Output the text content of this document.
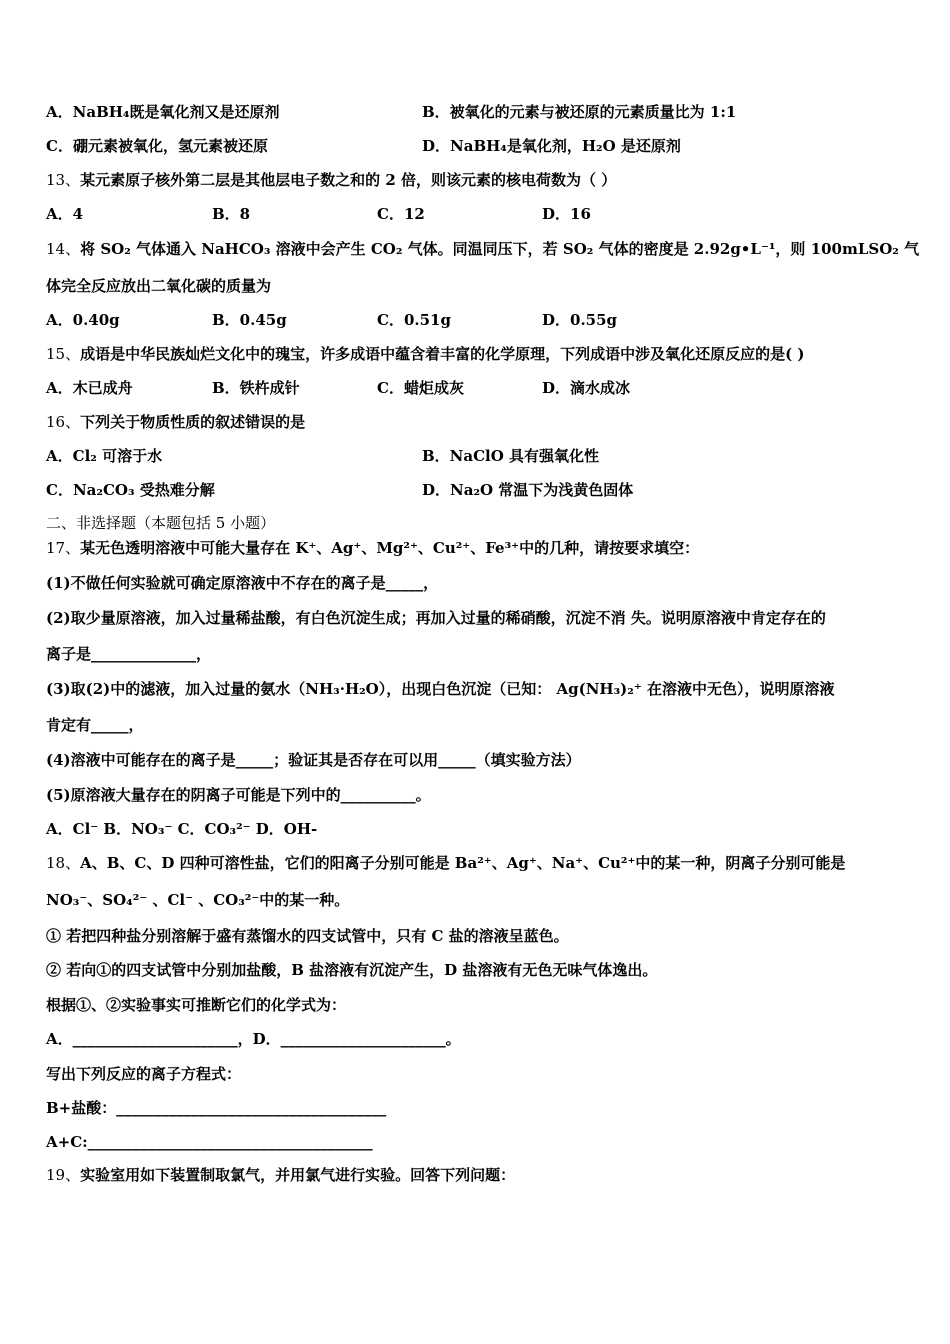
A．NaBH₄既是氧化剂又是还原剂	B．被氧化的元素与被还原的元素质量比为 1:1
C．硼元素被氧化，氢元素被还原	D．NaBH₄是氧化剂，H₂O 是还原剂
13、某元素原子核外第二层是其他层电子数之和的 2 倍，则该元素的核电荷数为（ ）
A．4	B．8	C．12	D．16
14、将 SO₂ 气体通入 NaHCO₃ 溶液中会产生 CO₂ 气体。同温同压下，若 SO₂ 气体的密度是 2.92g•L⁻¹，则 100mLSO₂ 气
体完全反应放出二氧化碳的质量为
A．0.40g	B．0.45g	C．0.51g	D．0.55g
15、成语是中华民族灿烂文化中的瑰宝，许多成语中蕴含着丰富的化学原理，下列成语中涉及氧化还原反应的是( )
A．木已成舟	B．铁杵成针	C．蜡炬成灰	D．滴水成冰
16、下列关于物质性质的叙述错误的是
A．Cl₂ 可溶于水	B．NaClO 具有强氧化性
C．Na₂CO₃ 受热难分解	D．Na₂O 常温下为浅黄色固体
二、非选择题（本题包括 5 小题）
17、某无色透明溶液中可能大量存在 K⁺、Ag⁺、Mg²⁺、Cu²⁺、Fe³⁺中的几种，请按要求填空：
(1)不做任何实验就可确定原溶液中不存在的离子是_____，
(2)取少量原溶液，加入过量稀盐酸，有白色沉淀生成；再加入过量的稀硝酸，沉淀不消 失。说明原溶液中肯定存在的
离子是______________，
(3)取(2)中的滤液，加入过量的氨水（NH₃·H₂O），出现白色沉淀（已知： Ag(NH₃)₂⁺ 在溶液中无色），说明原溶液
肯定有_____，
(4)溶液中可能存在的离子是_____；验证其是否存在可以用_____（填实验方法）
(5)原溶液大量存在的阴离子可能是下列中的__________。
A．Cl⁻ B．NO₃⁻ C．CO₃²⁻ D．OH-
18、A、B、C、D 四种可溶性盐，它们的阳离子分别可能是 Ba²⁺、Ag⁺、Na⁺、Cu²⁺中的某一种，阴离子分别可能是
NO₃⁻、SO₄²⁻ 、Cl⁻ 、CO₃²⁻中的某一种。
① 若把四种盐分别溶解于盛有蒸馏水的四支试管中，只有 C 盐的溶液呈蓝色。
② 若向①的四支试管中分别加盐酸，B 盐溶液有沉淀产生，D 盐溶液有无色无味气体逸出。
根据①、②实验事实可推断它们的化学式为：
A．______________________，D．______________________。
写出下列反应的离子方程式：
B+盐酸：____________________________________
A+C:______________________________________
19、实验室用如下装置制取氯气，并用氯气进行实验。回答下列问题：
